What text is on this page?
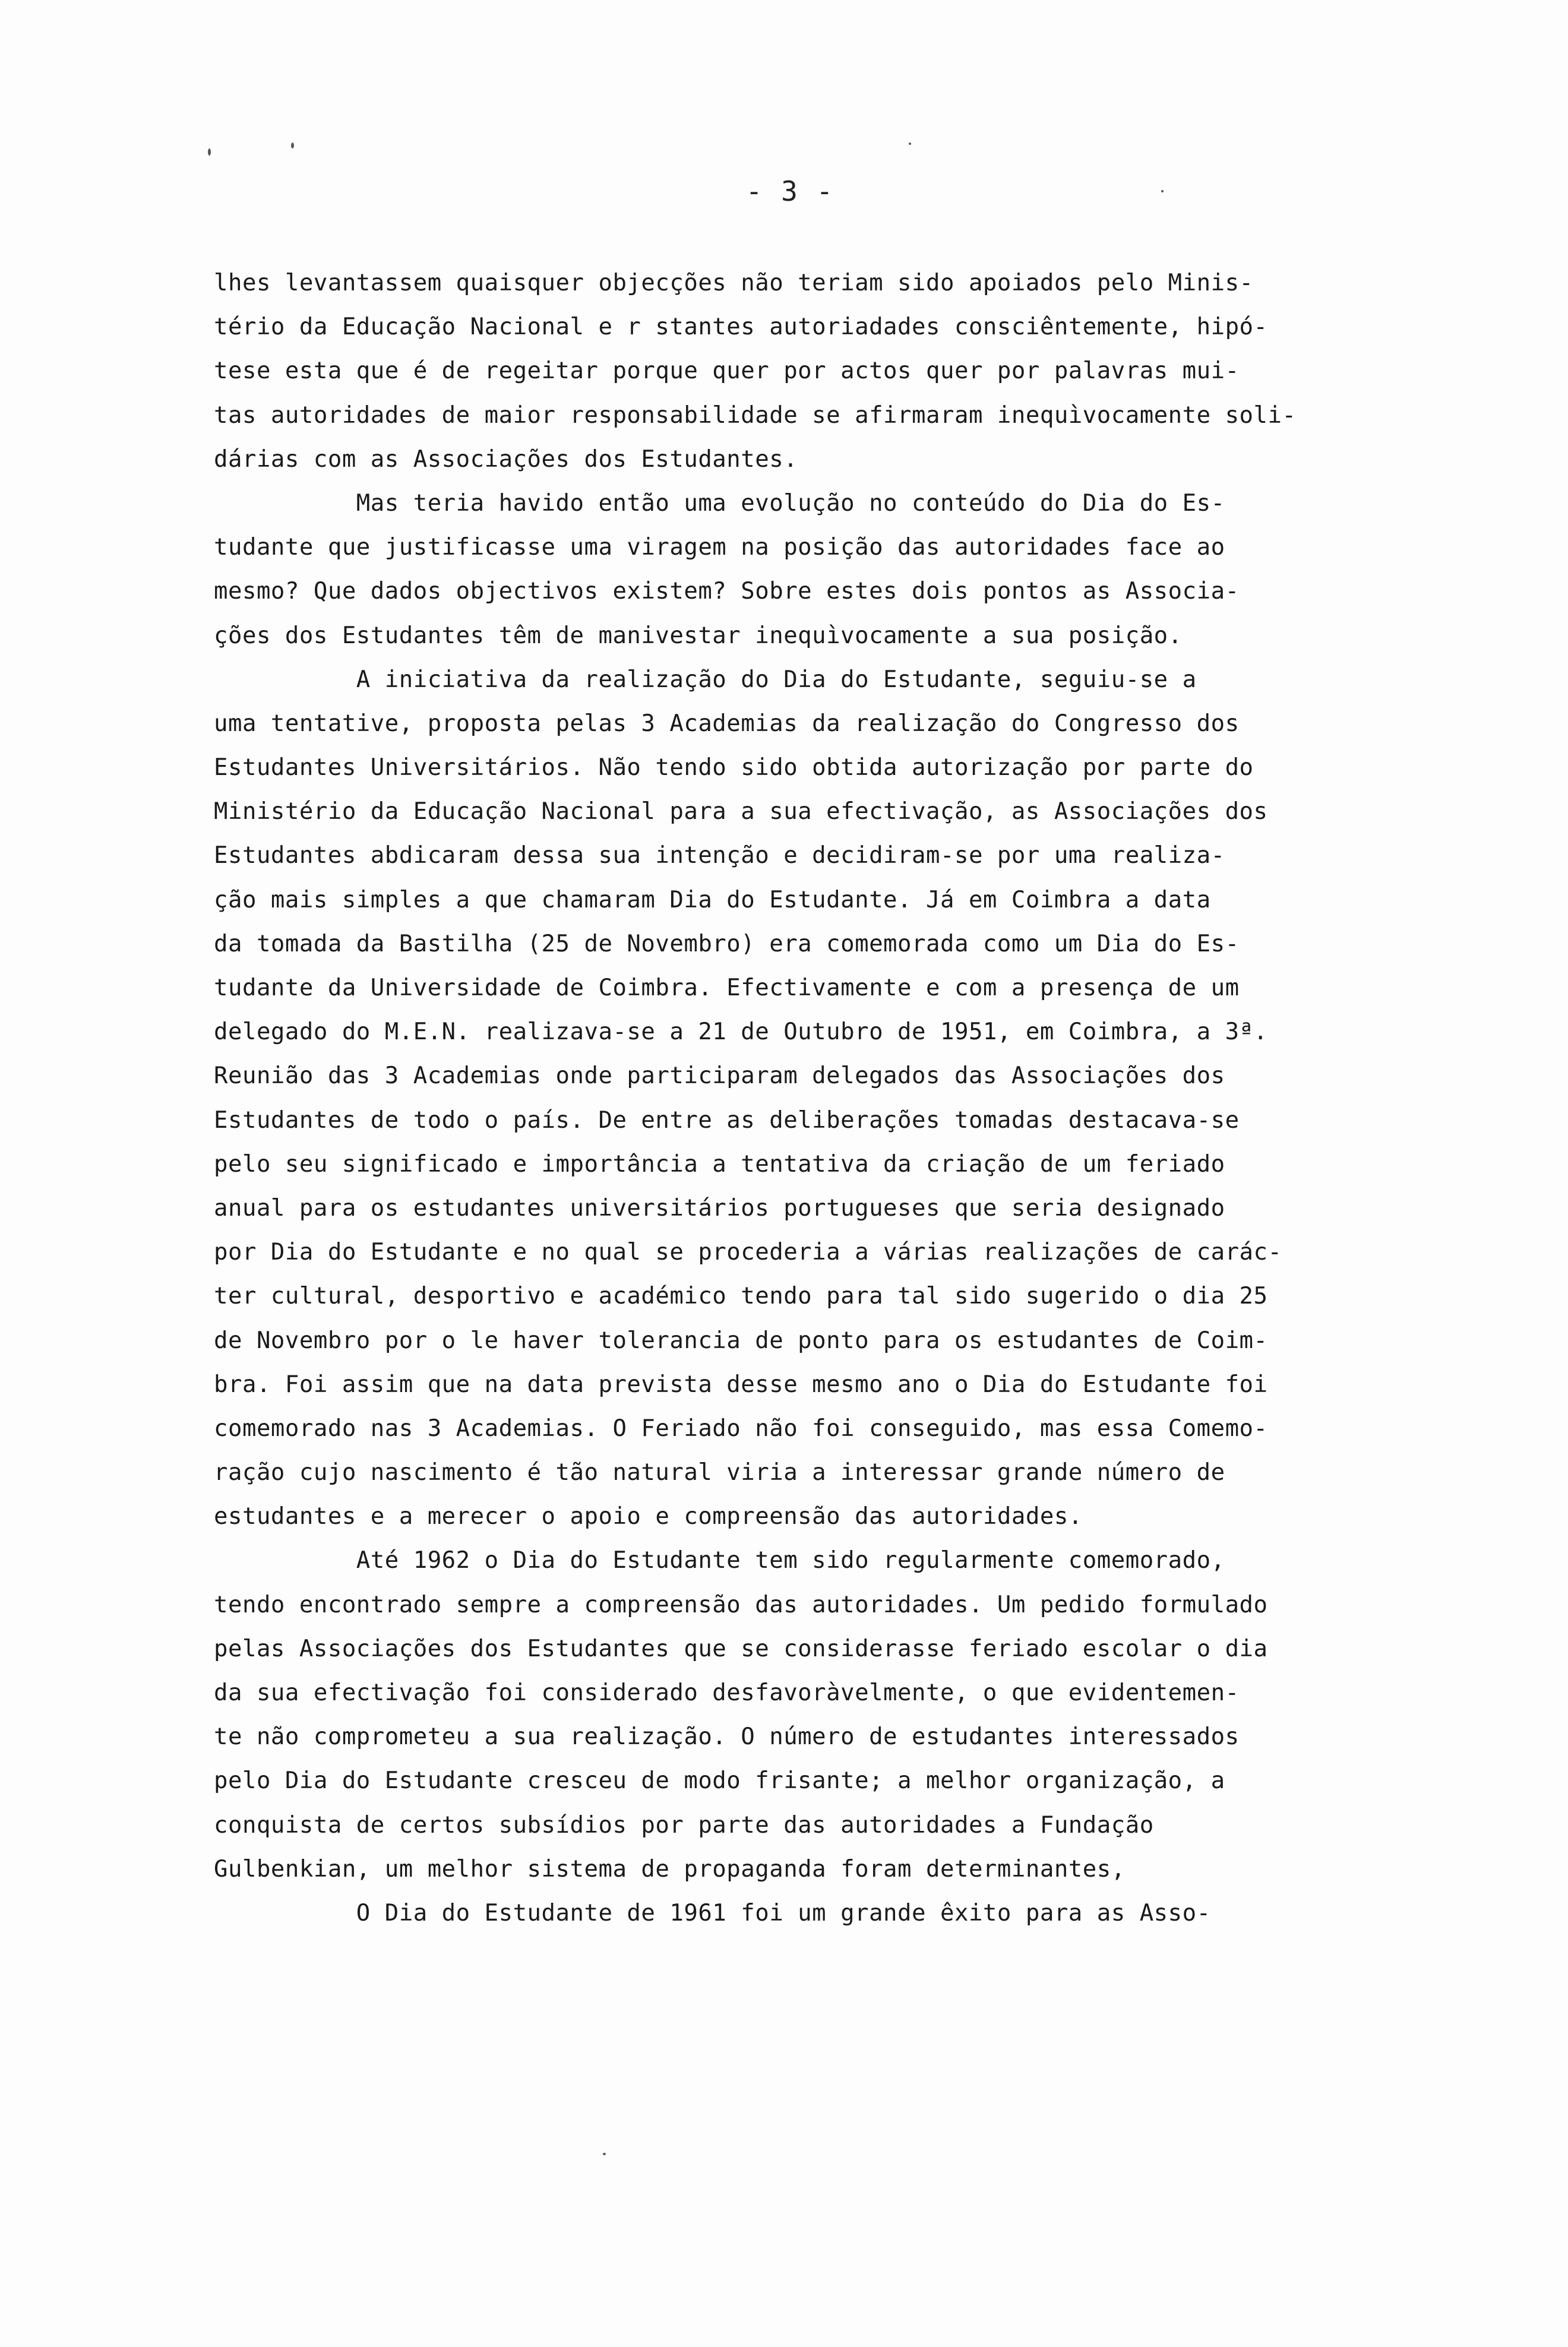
- 3 -
lhes levantassem quaisquer objecções não teriam sido apoiados pelo Minis-
tério da Educação Nacional e r stantes autoriadades consciêntemente, hipó-
tese esta que é de regeitar porque quer por actos quer por palavras mui-
tas autoridades de maior responsabilidade se afirmaram inequìvocamente soli-
dárias com as Associações dos Estudantes.
Mas teria havido então uma evolução no conteúdo do Dia do Es-
tudante que justificasse uma viragem na posição das autoridades face ao
mesmo? Que dados objectivos existem? Sobre estes dois pontos as Associa-
ções dos Estudantes têm de manivestar inequìvocamente a sua posição.
A iniciativa da realização do Dia do Estudante, seguiu-se a
uma tentative, proposta pelas 3 Academias da realização do Congresso dos
Estudantes Universitários. Não tendo sido obtida autorização por parte do
Ministério da Educação Nacional para a sua efectivação, as Associações dos
Estudantes abdicaram dessa sua intenção e decidiram-se por uma realiza-
ção mais simples a que chamaram Dia do Estudante. Já em Coimbra a data
da tomada da Bastilha (25 de Novembro) era comemorada como um Dia do Es-
tudante da Universidade de Coimbra. Efectivamente e com a presença de um
delegado do M.E.N. realizava-se a 21 de Outubro de 1951, em Coimbra, a 3ª.
Reunião das 3 Academias onde participaram delegados das Associações dos
Estudantes de todo o país. De entre as deliberações tomadas destacava-se
pelo seu significado e importância a tentativa da criação de um feriado
anual para os estudantes universitários portugueses que seria designado
por Dia do Estudante e no qual se procederia a várias realizações de carác-
ter cultural, desportivo e académico tendo para tal sido sugerido o dia 25
de Novembro por o le haver tolerancia de ponto para os estudantes de Coim-
bra. Foi assim que na data prevista desse mesmo ano o Dia do Estudante foi
comemorado nas 3 Academias. O Feriado não foi conseguido, mas essa Comemo-
ração cujo nascimento é tão natural viria a interessar grande número de
estudantes e a merecer o apoio e compreensão das autoridades.
Até 1962 o Dia do Estudante tem sido regularmente comemorado,
tendo encontrado sempre a compreensão das autoridades. Um pedido formulado
pelas Associações dos Estudantes que se considerasse feriado escolar o dia
da sua efectivação foi considerado desfavoràvelmente, o que evidentemen-
te não comprometeu a sua realização. O número de estudantes interessados
pelo Dia do Estudante cresceu de modo frisante; a melhor organização, a
conquista de certos subsídios por parte das autoridades a Fundação
Gulbenkian, um melhor sistema de propaganda foram determinantes,
O Dia do Estudante de 1961 foi um grande êxito para as Asso-
